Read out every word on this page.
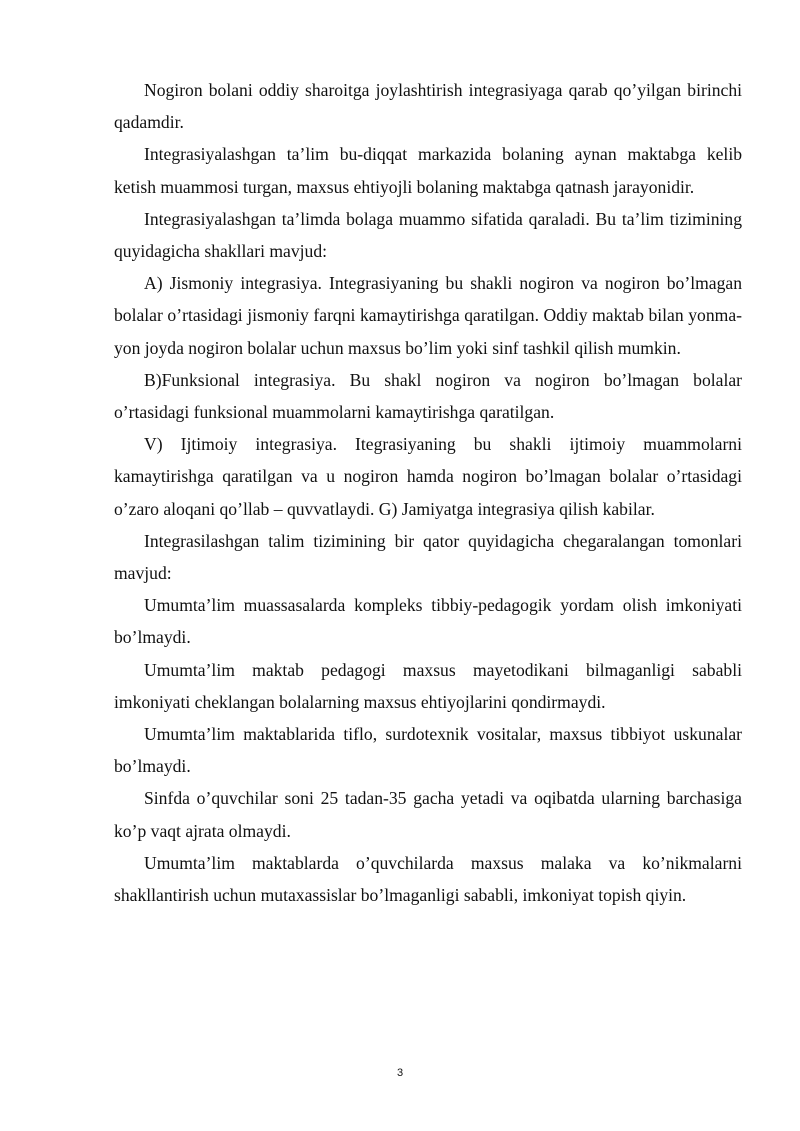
Nogiron bolani oddiy sharoitga joylashtirish integrasiyaga qarab qo’yilgan birinchi qadamdir.

Integrasiyalashgan ta’lim bu-diqqat markazida bolaning aynan maktabga kelib ketish muammosi turgan, maxsus ehtiyojli bolaning maktabga qatnash jarayonidir.

Integrasiyalashgan ta’limda bolaga muammo sifatida qaraladi. Bu ta’lim tizimining quyidagicha shakllari mavjud:

A) Jismoniy integrasiya. Integrasiyaning bu shakli nogiron va nogiron bo’lmagan bolalar o’rtasidagi jismoniy farqni kamaytirishga qaratilgan. Oddiy maktab bilan yonma-yon joyda nogiron bolalar uchun maxsus bo’lim yoki sinf tashkil qilish mumkin.

B)Funksional integrasiya. Bu shakl nogiron va nogiron bo’lmagan bolalar o’rtasidagi funksional muammolarni kamaytirishga qaratilgan.

V) Ijtimoiy integrasiya. Itegrasiyaning bu shakli ijtimoiy muammolarni kamaytirishga qaratilgan va u nogiron hamda nogiron bo’lmagan bolalar o’rtasidagi o’zaro aloqani qo’llab – quvvatlaydi. G) Jamiyatga integrasiya qilish kabilar.

Integrasilashgan talim tizimining bir qator quyidagicha chegaralangan tomonlari mavjud:

Umumta’lim muassasalarda kompleks tibbiy-pedagogik yordam olish imkoniyati bo’lmaydi.

Umumta’lim maktab pedagogi maxsus mayetodikani bilmaganligi sababli imkoniyati cheklangan bolalarning maxsus ehtiyojlarini qondirmaydi.

Umumta’lim maktablarida tiflo, surdotexnik vositalar, maxsus tibbiyot uskunalar bo’lmaydi.

Sinfda o’quvchilar soni 25 tadan-35 gacha yetadi va oqibatda ularning barchasiga ko’p vaqt ajrata olmaydi.

Umumta’lim maktablarda o’quvchilarda maxsus malaka va ko’nikmalarni shakllantirish uchun mutaxassislar bo’lmaganligi sababli, imkoniyat topish qiyin.

3
